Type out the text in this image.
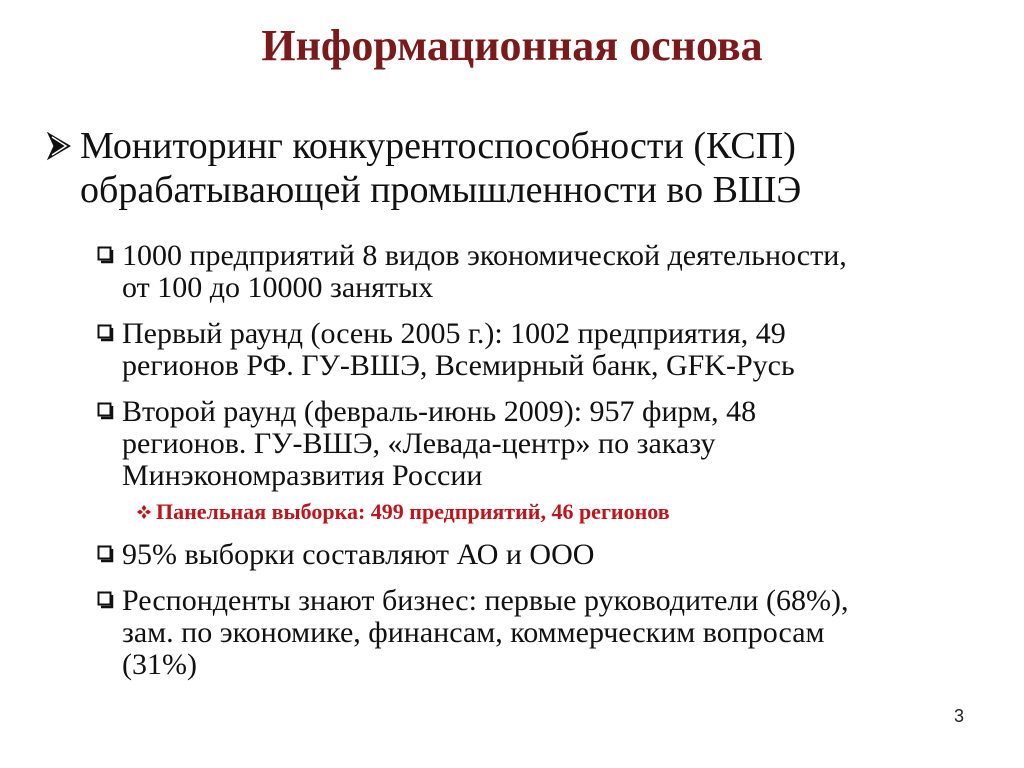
Информационная основа
Мониторинг конкурентоспособности (КСП)
обрабатывающей промышленности во ВШЭ
1000 предприятий 8 видов экономической деятельности,
от 100 до 10000 занятых
Первый раунд (осень 2005 г.): 1002 предприятия, 49
регионов РФ. ГУ-ВШЭ, Всемирный банк, GFK-Русь
Второй раунд (февраль-июнь 2009): 957 фирм, 48
регионов. ГУ-ВШЭ, «Левада-центр» по заказу
Минэкономразвития России
Панельная выборка: 499 предприятий, 46 регионов
95% выборки составляют АО и ООО
Респонденты знают бизнес: первые руководители (68%),
зам. по экономике, финансам, коммерческим вопросам
(31%)
3
